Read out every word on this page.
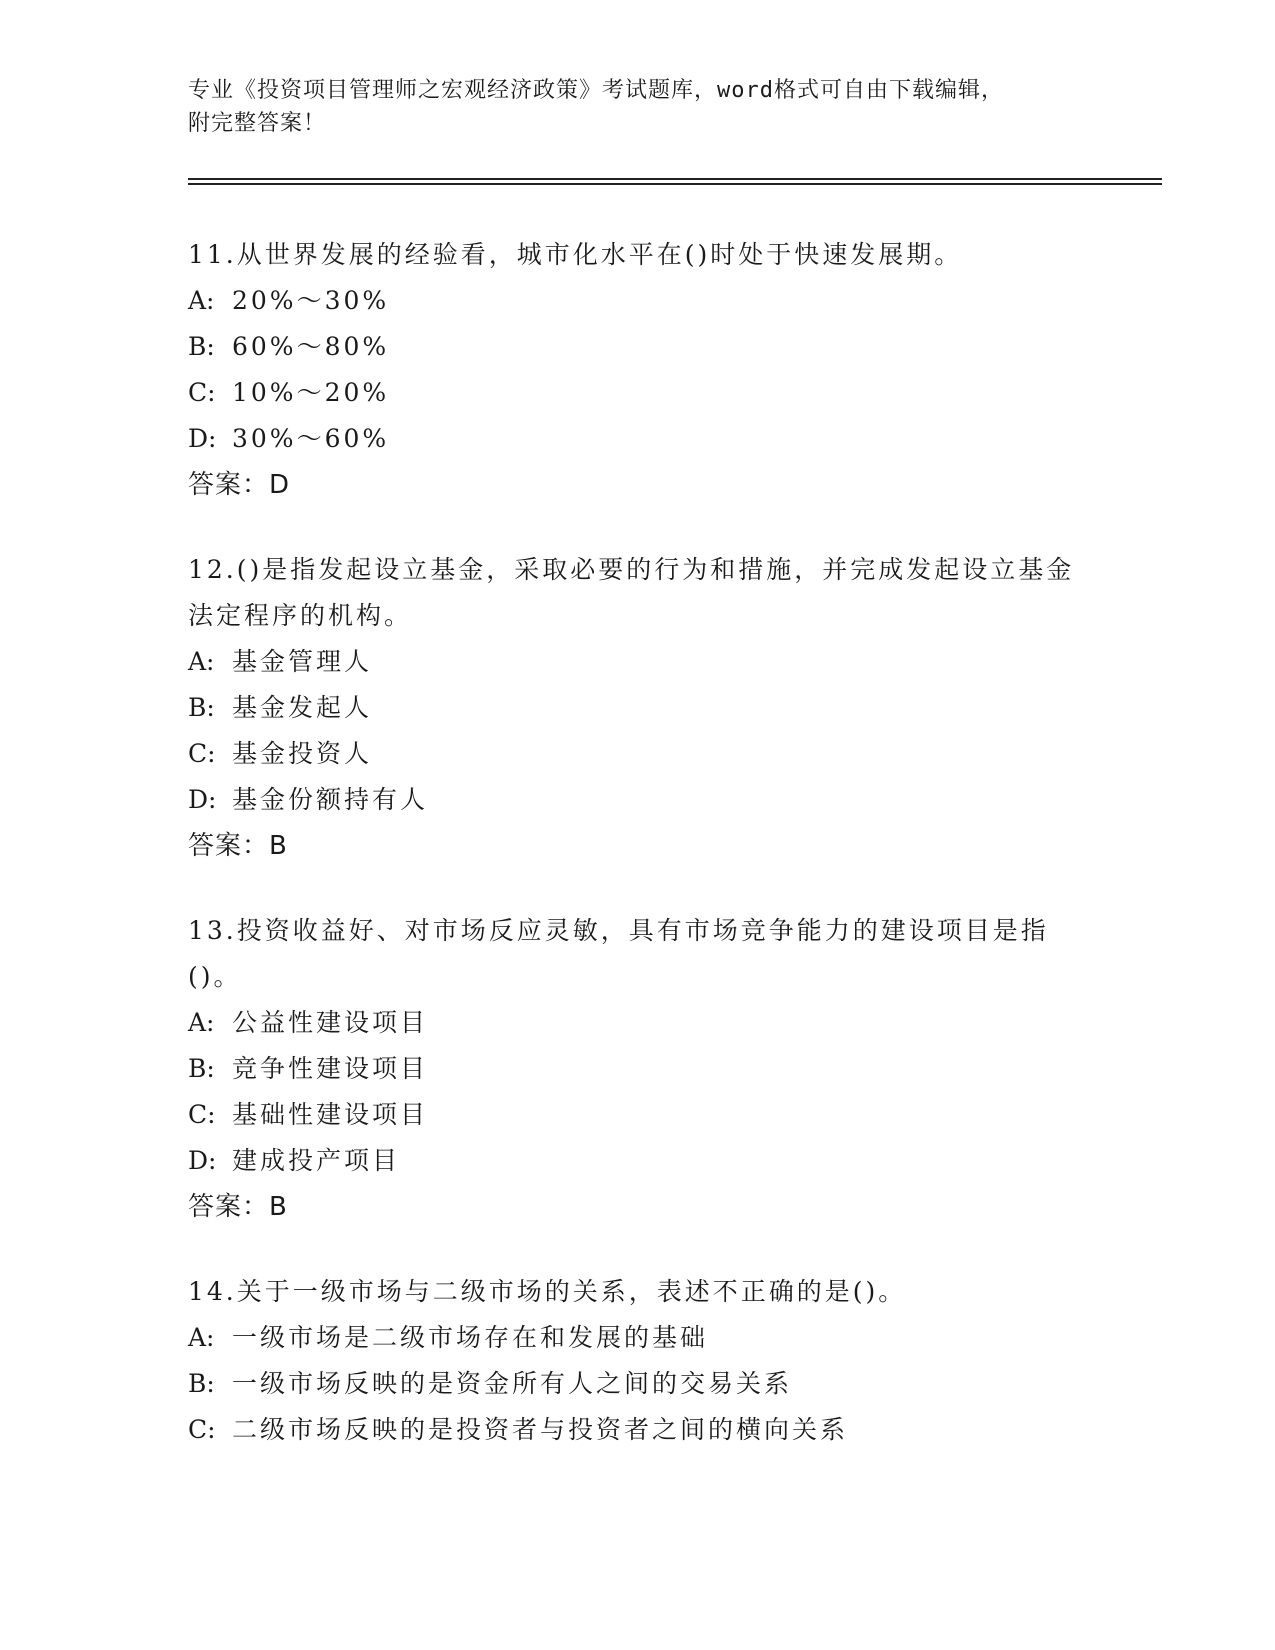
专业《投资项目管理师之宏观经济政策》考试题库，word格式可自由下载编辑，
附完整答案！

11.从世界发展的经验看，城市化水平在()时处于快速发展期。

A: 20%～30%
B: 60%～80%
C: 10%～20%
D: 30%～60%
答案：D

12.()是指发起设立基金，采取必要的行为和措施，并完成发起设立基金法定程序的机构。

A: 基金管理人
B: 基金发起人
C: 基金投资人
D: 基金份额持有人
答案：B

13.投资收益好、对市场反应灵敏，具有市场竞争能力的建设项目是指()。

A: 公益性建设项目
B: 竞争性建设项目
C: 基础性建设项目
D: 建成投产项目
答案：B

14.关于一级市场与二级市场的关系，表述不正确的是()。

A: 一级市场是二级市场存在和发展的基础
B: 一级市场反映的是资金所有人之间的交易关系
C: 二级市场反映的是投资者与投资者之间的横向关系
